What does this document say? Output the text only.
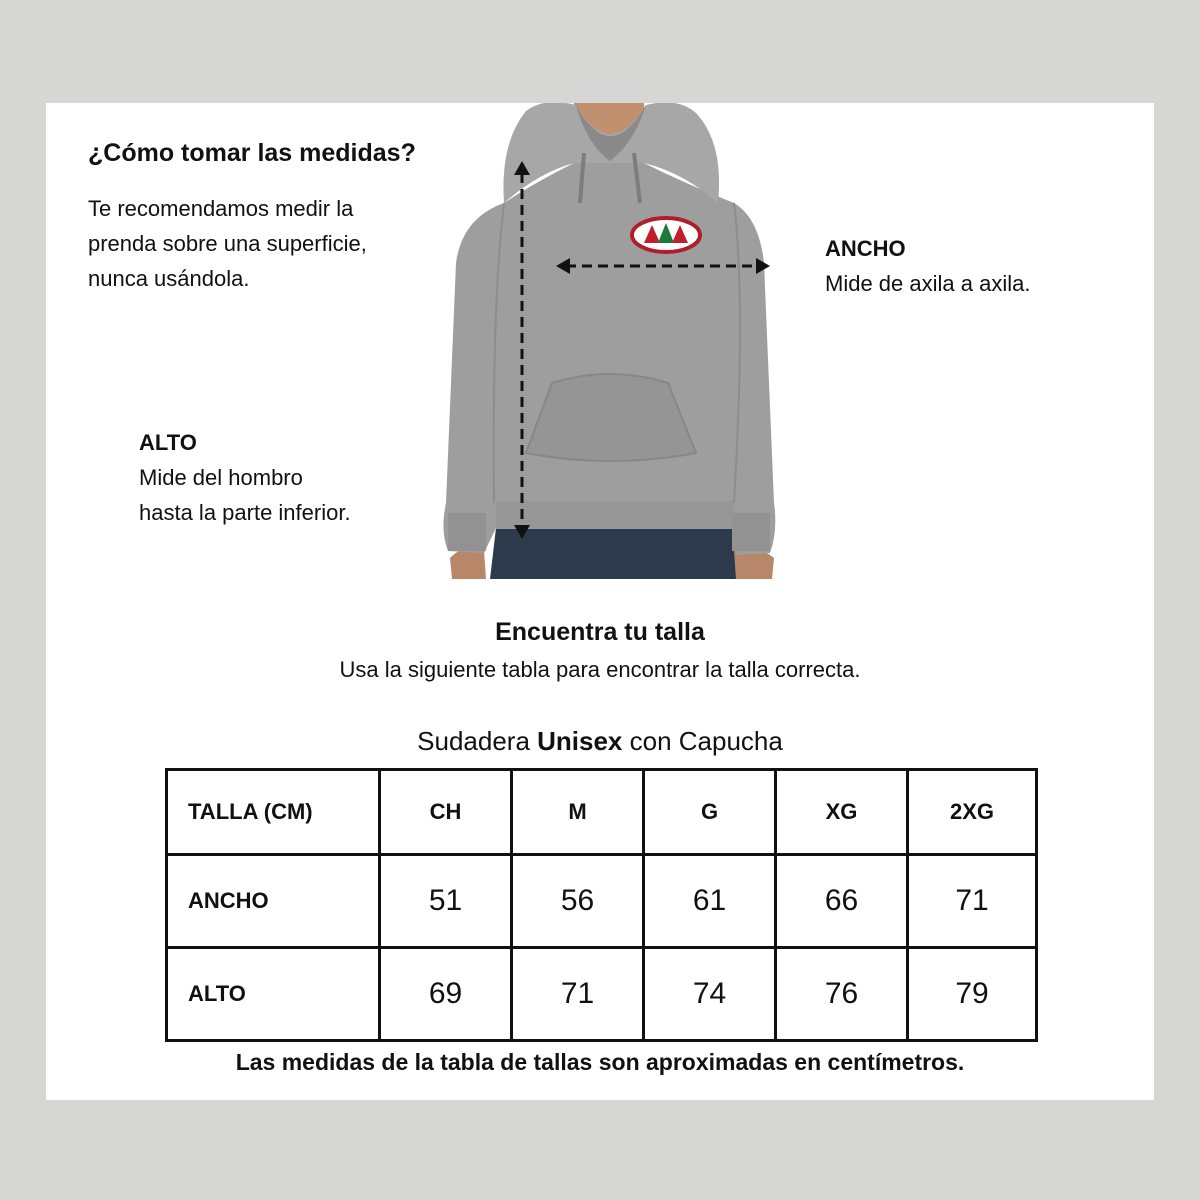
¿Cómo tomar las medidas?
Te recomendamos medir la
prenda sobre una superficie,
nunca usándola.
ANCHO
Mide de axila a axila.
ALTO
Mide del hombro
hasta la parte inferior.
Encuentra tu talla
Usa la siguiente tabla para encontrar la talla correcta.
Sudadera Unisex con Capucha
TALLA (CM)	CH	M	G	XG	2XG
ANCHO	51	56	61	66	71
ALTO	69	71	74	76	79
Las medidas de la tabla de tallas son aproximadas en centímetros.
